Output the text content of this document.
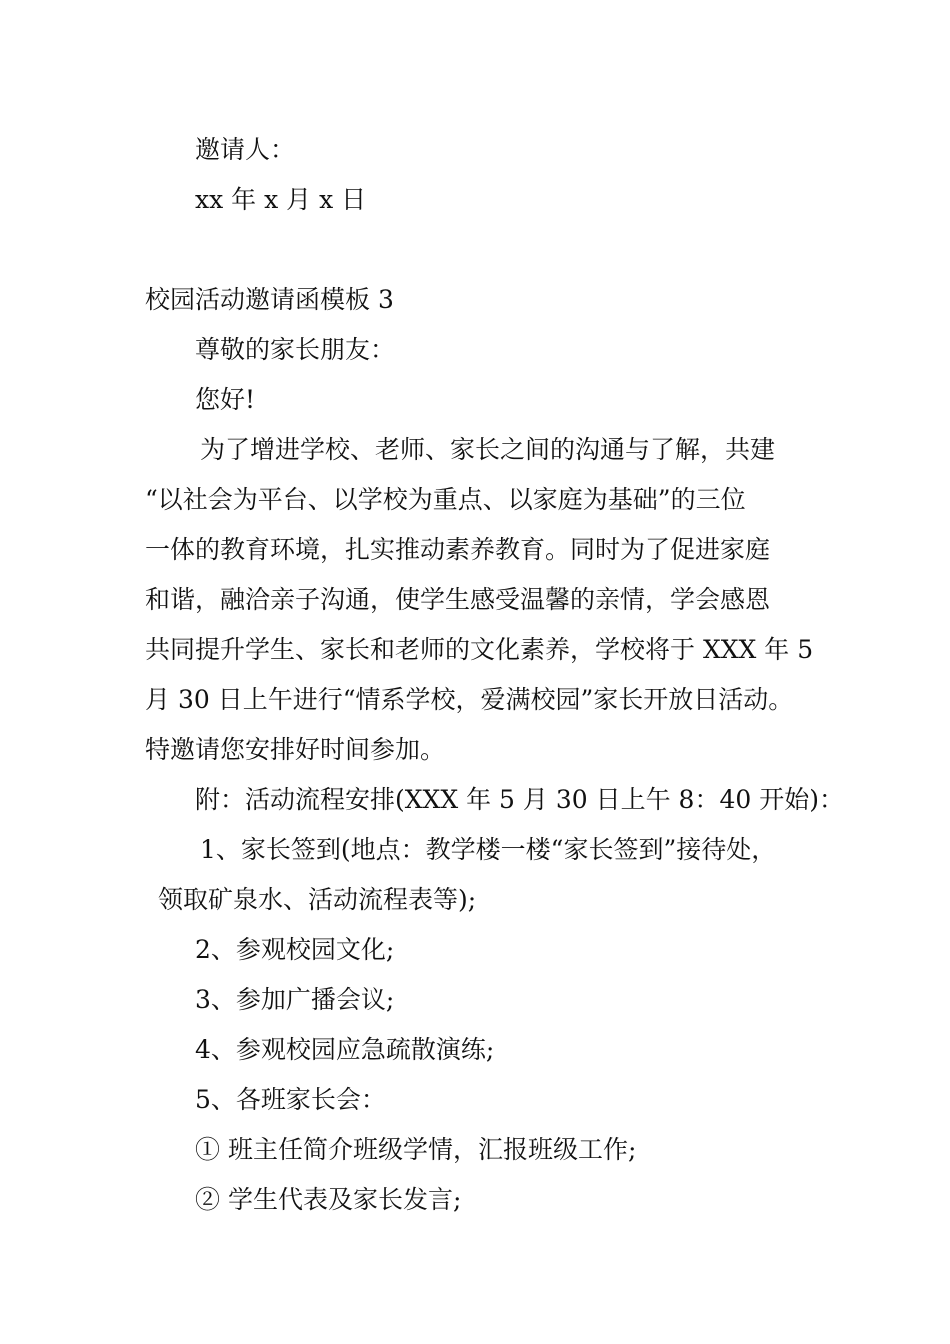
邀请人：
xx 年 x 月 x 日
校园活动邀请函模板 3
尊敬的家长朋友：
您好!
为了增进学校、老师、家长之间的沟通与了解，共建
“以社会为平台、以学校为重点、以家庭为基础”的三位
一体的教育环境，扎实推动素养教育。同时为了促进家庭
和谐，融洽亲子沟通，使学生感受温馨的亲情，学会感恩
共同提升学生、家长和老师的文化素养，学校将于 XXX 年 5
月 30 日上午进行“情系学校，爱满校园”家长开放日活动。
特邀请您安排好时间参加。
附：活动流程安排(XXX 年 5 月 30 日上午 8：40 开始)：
1、家长签到(地点：教学楼一楼“家长签到”接待处，
领取矿泉水、活动流程表等);
2、参观校园文化;
3、参加广播会议;
4、参观校园应急疏散演练;
5、各班家长会：
① 班主任简介班级学情，汇报班级工作;
② 学生代表及家长发言;
